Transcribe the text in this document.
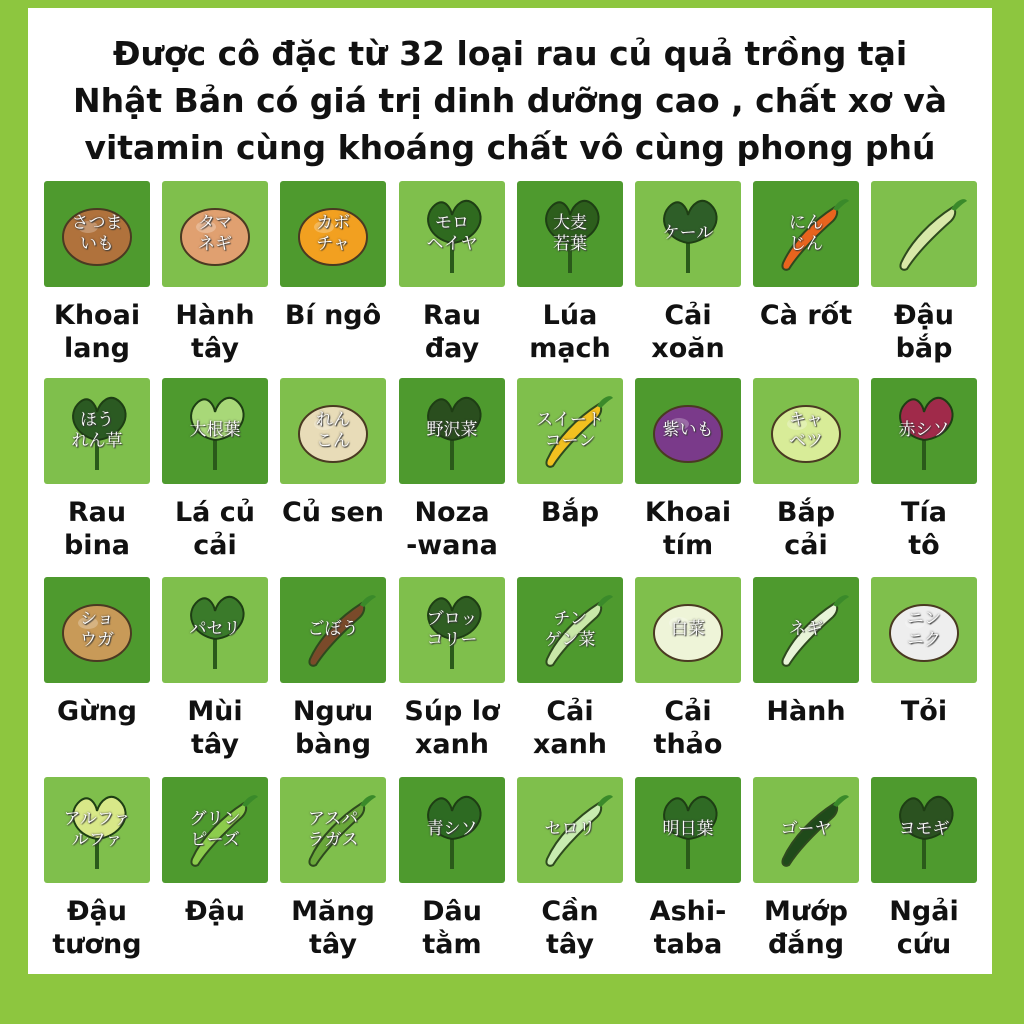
Được cô đặc từ 32 loại rau củ quả trồng tại
Nhật Bản có giá trị dinh dưỡng cao , chất xơ và
vitamin cùng khoáng chất vô cùng phong phú
さつま
いも
Khoai
lang
タマ
ネギ
Hành
tây
カボ
チャ
Bí ngô
モロ
ヘイヤ
Rau
đay
大麦
若葉
Lúa
mạch
ケール
Cải
xoăn
にん
じん
Cà rốt	Đậu
bắp
ほう
れん草
Rau
bina
大根葉
Lá củ
cải
れん
こん
Củ sen
野沢菜
Noza
-wana
スイート
コーン
Bắp
紫いも
Khoai
tím
キャ
ベツ
Bắp
cải
赤シソ
Tía
tô
ショ
ウガ
Gừng
パセリ
Mùi
tây
ごぼう
Ngưu
bàng
ブロッ
コリー
Súp lơ
xanh
チン
ゲン菜
Cải
xanh
白菜
Cải
thảo
ネギ
Hành
ニン
ニク
Tỏi
アルファ
ルファ
Đậu
tương
グリン
ピーズ
Đậu
アスパ
ラガス
Măng
tây
青シソ
Dâu
tằm
セロリ
Cần
tây
明日葉
Ashi-
taba
ゴーヤ
Mướp
đắng
ヨモギ
Ngải
cứu
